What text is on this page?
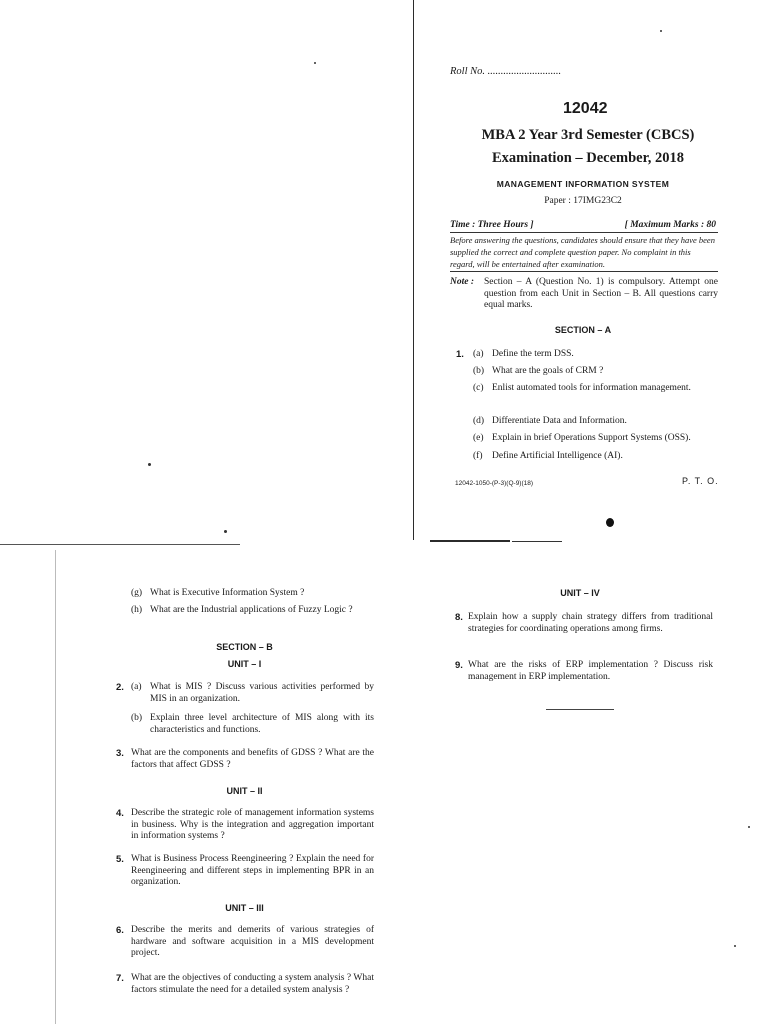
Roll No. ............................
12042
MBA 2 Year 3rd Semester (CBCS)
Examination – December, 2018
MANAGEMENT INFORMATION SYSTEM
Paper : 17IMG23C2
Time : Three Hours ]	[ Maximum Marks : 80
Before answering the questions, candidates should ensure that they have been supplied the correct and complete question paper. No complaint in this regard, will be entertained after examination.
Note : Section – A (Question No. 1) is compulsory. Attempt one question from each Unit in Section – B. All questions carry equal marks.
SECTION – A
1. (a) Define the term DSS.
(b) What are the goals of CRM ?
(c) Enlist automated tools for information management.
(d) Differentiate Data and Information.
(e) Explain in brief Operations Support Systems (OSS).
(f) Define Artificial Intelligence (AI).
12042-1050-(P-3)(Q-9)(18)	P. T. O.
(g) What is Executive Information System ?
(h) What are the Industrial applications of Fuzzy Logic ?
SECTION – B
UNIT – I
2. (a) What is MIS ? Discuss various activities performed by MIS in an organization.
(b) Explain three level architecture of MIS along with its characteristics and functions.
3. What are the components and benefits of GDSS ? What are the factors that affect GDSS ?
UNIT – II
4. Describe the strategic role of management information systems in business. Why is the integration and aggregation important in information systems ?
5. What is Business Process Reengineering ? Explain the need for Reengineering and different steps in implementing BPR in an organization.
UNIT – III
6. Describe the merits and demerits of various strategies of hardware and software acquisition in a MIS development project.
7. What are the objectives of conducting a system analysis ? What factors stimulate the need for a detailed system analysis ?
UNIT – IV
8. Explain how a supply chain strategy differs from traditional strategies for coordinating operations among firms.
9. What are the risks of ERP implementation ? Discuss risk management in ERP implementation.
